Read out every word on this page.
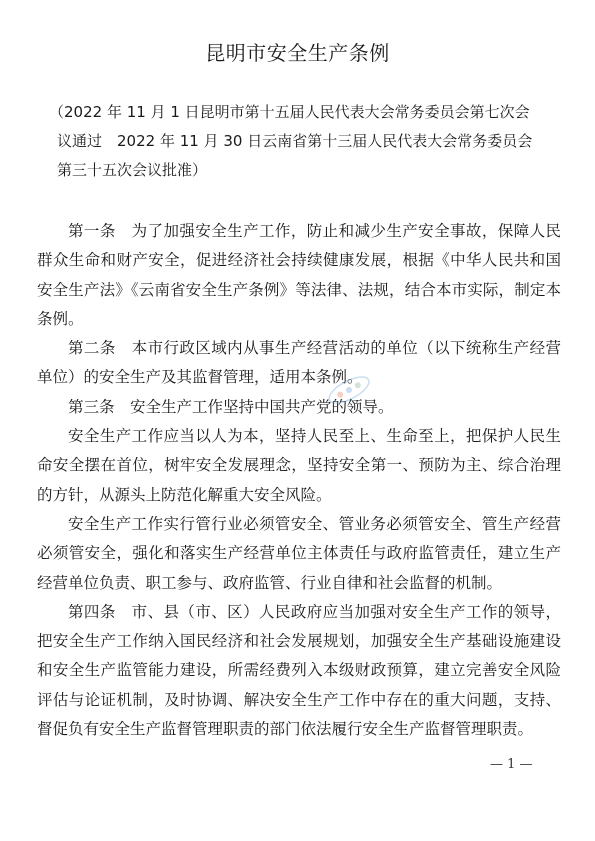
昆明市安全生产条例
（2022 年 11 月 1 日昆明市第十五届人民代表大会常务委员会第七次会
议通过　2022 年 11 月 30 日云南省第十三届人民代表大会常务委员会
第三十五次会议批准）

第一条　为了加强安全生产工作，防止和减少生产安全事故，保障人民群众生命和财产安全，促进经济社会持续健康发展，根据《中华人民共和国安全生产法》《云南省安全生产条例》等法律、法规，结合本市实际，制定本条例。

第二条　本市行政区域内从事生产经营活动的单位（以下统称生产经营单位）的安全生产及其监督管理，适用本条例。

第三条　安全生产工作坚持中国共产党的领导。

安全生产工作应当以人为本，坚持人民至上、生命至上，把保护人民生命安全摆在首位，树牢安全发展理念，坚持安全第一、预防为主、综合治理的方针，从源头上防范化解重大安全风险。

安全生产工作实行管行业必须管安全、管业务必须管安全、管生产经营必须管安全，强化和落实生产经营单位主体责任与政府监管责任，建立生产经营单位负责、职工参与、政府监管、行业自律和社会监督的机制。

第四条　市、县（市、区）人民政府应当加强对安全生产工作的领导，把安全生产工作纳入国民经济和社会发展规划，加强安全生产基础设施建设和安全生产监管能力建设，所需经费列入本级财政预算，建立完善安全风险评估与论证机制，及时协调、解决安全生产工作中存在的重大问题，支持、督促负有安全生产监督管理职责的部门依法履行安全生产监督管理职责。

— 1 —
